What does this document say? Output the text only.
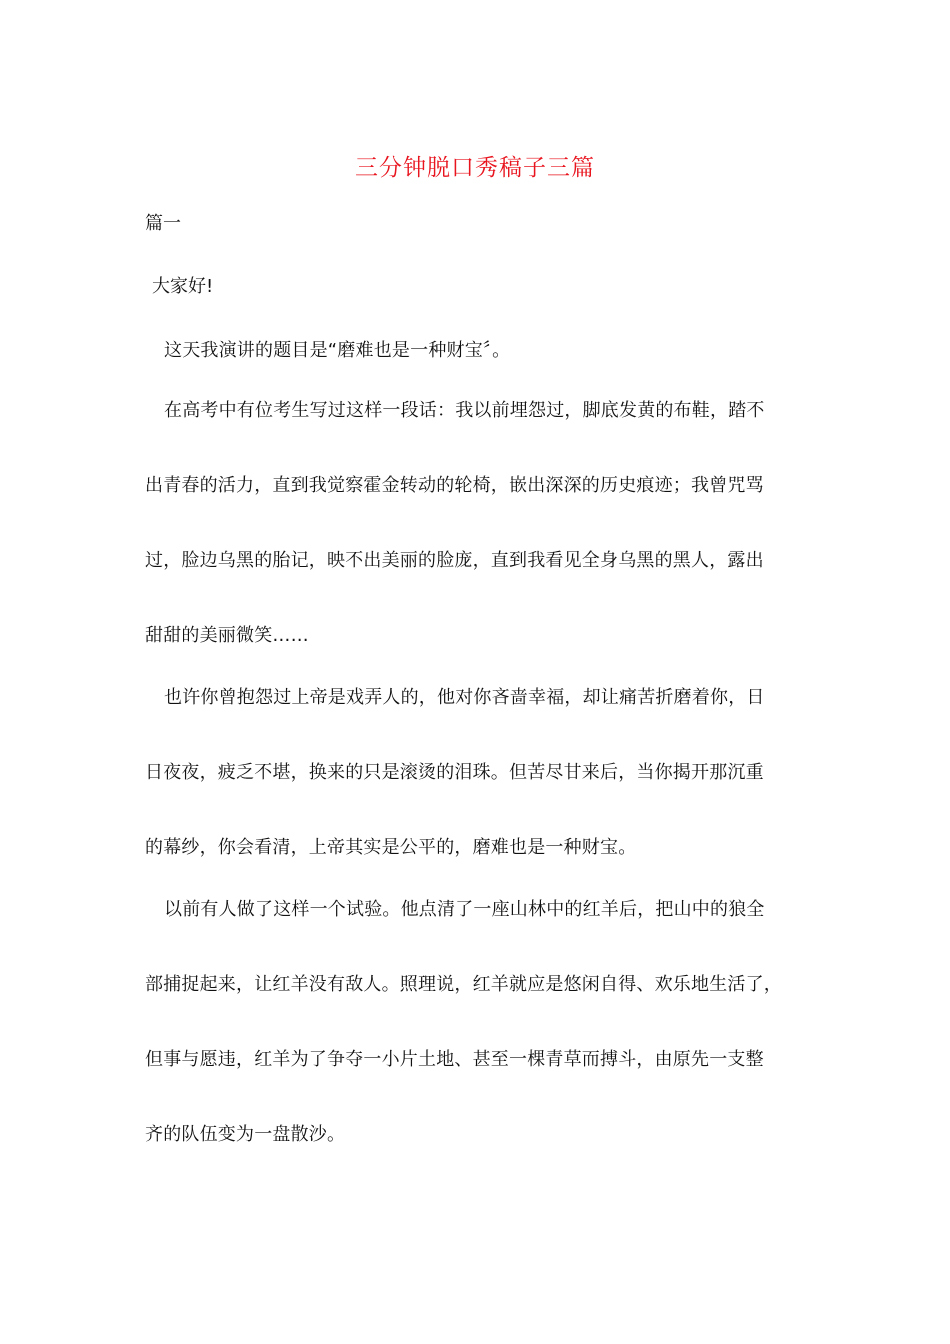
三分钟脱口秀稿子三篇
篇一
大家好!
这天我演讲的题目是“磨难也是一种财宝〞。
在高考中有位考生写过这样一段话：我以前埋怨过，脚底发黄的布鞋，踏不
出青春的活力，直到我觉察霍金转动的轮椅，嵌出深深的历史痕迹；我曾咒骂
过，脸边乌黑的胎记，映不出美丽的脸庞，直到我看见全身乌黑的黑人，露出
甜甜的美丽微笑……
也许你曾抱怨过上帝是戏弄人的，他对你吝啬幸福，却让痛苦折磨着你，日
日夜夜，疲乏不堪，换来的只是滚烫的泪珠。但苦尽甘来后，当你揭开那沉重
的幕纱，你会看清，上帝其实是公平的，磨难也是一种财宝。
以前有人做了这样一个试验。他点清了一座山林中的红羊后，把山中的狼全
部捕捉起来，让红羊没有敌人。照理说，红羊就应是悠闲自得、欢乐地生活了，
但事与愿违，红羊为了争夺一小片土地、甚至一棵青草而搏斗，由原先一支整
齐的队伍变为一盘散沙。
